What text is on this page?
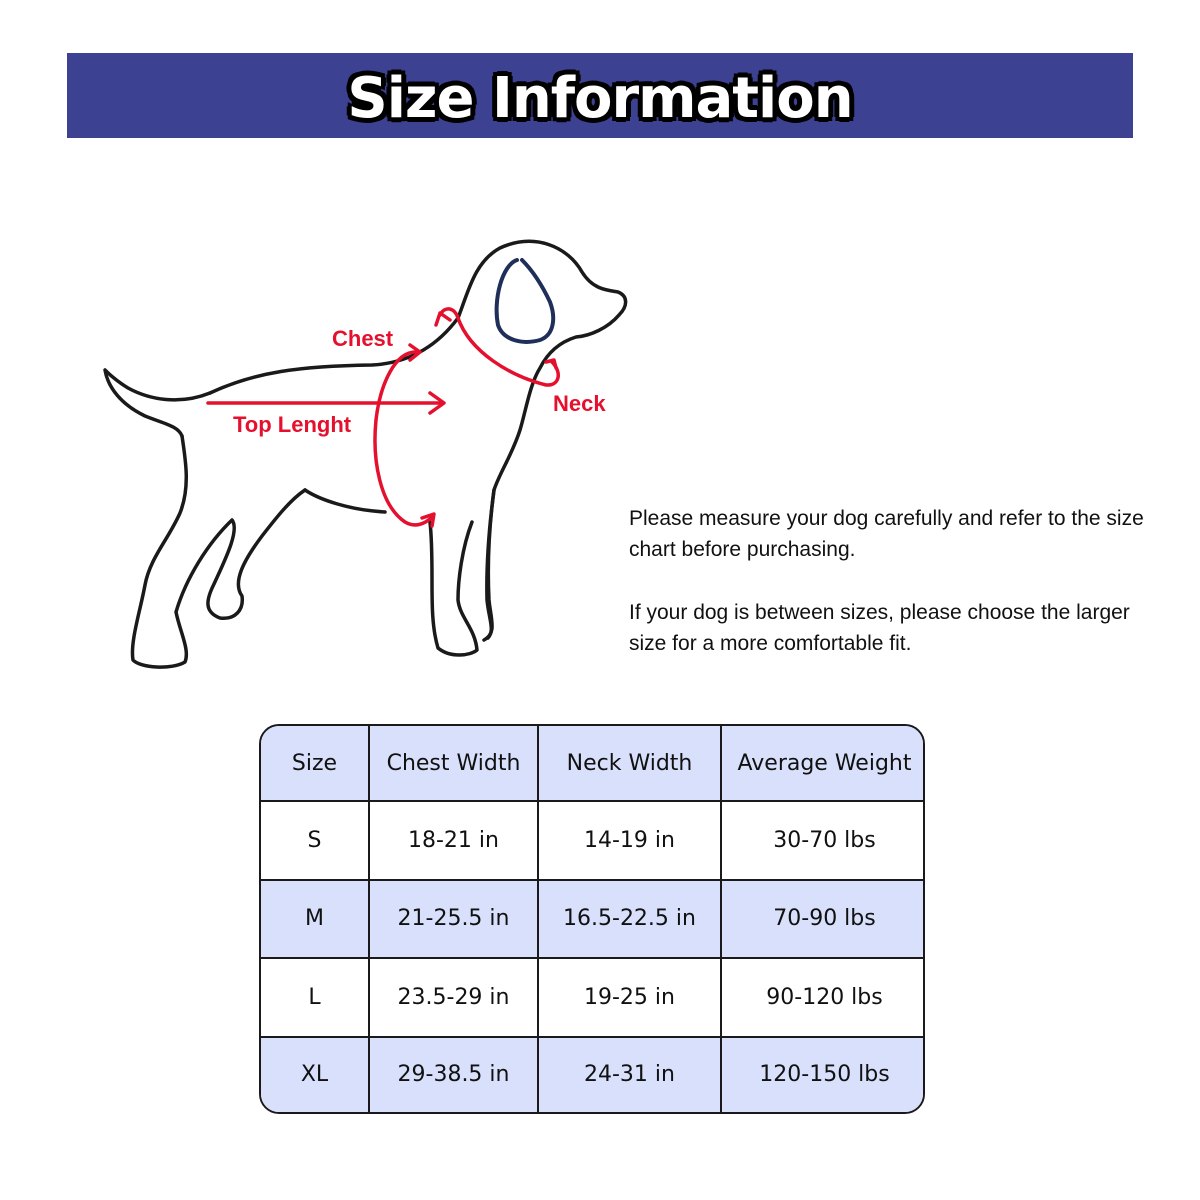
Size Information
Chest
Neck
Top Lenght

Please measure your dog carefully and refer to the size chart before purchasing.

If your dog is between sizes, please choose the larger size for a more comfortable fit.

Size	Chest Width	Neck Width	Average Weight
S	18-21 in	14-19 in	30-70 lbs
M	21-25.5 in	16.5-22.5 in	70-90 lbs
L	23.5-29 in	19-25 in	90-120 lbs
XL	29-38.5 in	24-31 in	120-150 lbs
